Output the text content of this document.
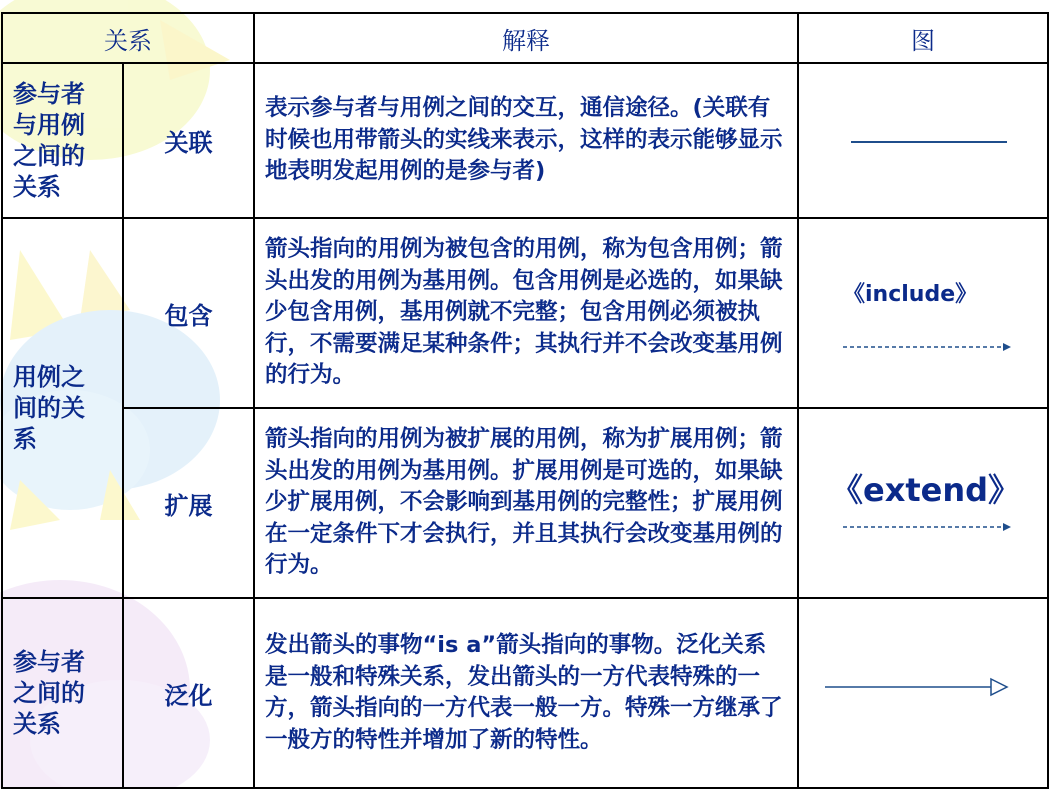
关系		解释	图

参与者与用例之间的关系	关联	表示参与者与用例之间的交互，通信途径。(关联有时候也用带箭头的实线来表示，这样的表示能够显示地表明发起用例的是参与者)	

用例之间的关系	包含	箭头指向的用例为被包含的用例，称为包含用例；箭头出发的用例为基用例。包含用例是必选的，如果缺少包含用例，基用例就不完整；包含用例必须被执行，不需要满足某种条件；其执行并不会改变基用例的行为。	《include》

	扩展	箭头指向的用例为被扩展的用例，称为扩展用例；箭头出发的用例为基用例。扩展用例是可选的，如果缺少扩展用例，不会影响到基用例的完整性；扩展用例在一定条件下才会执行，并且其执行会改变基用例的行为。	《extend》

参与者之间的关系	泛化	发出箭头的事物“is a”箭头指向的事物。泛化关系是一般和特殊关系，发出箭头的一方代表特殊的一方，箭头指向的一方代表一般一方。特殊一方继承了一般方的特性并增加了新的特性。	
